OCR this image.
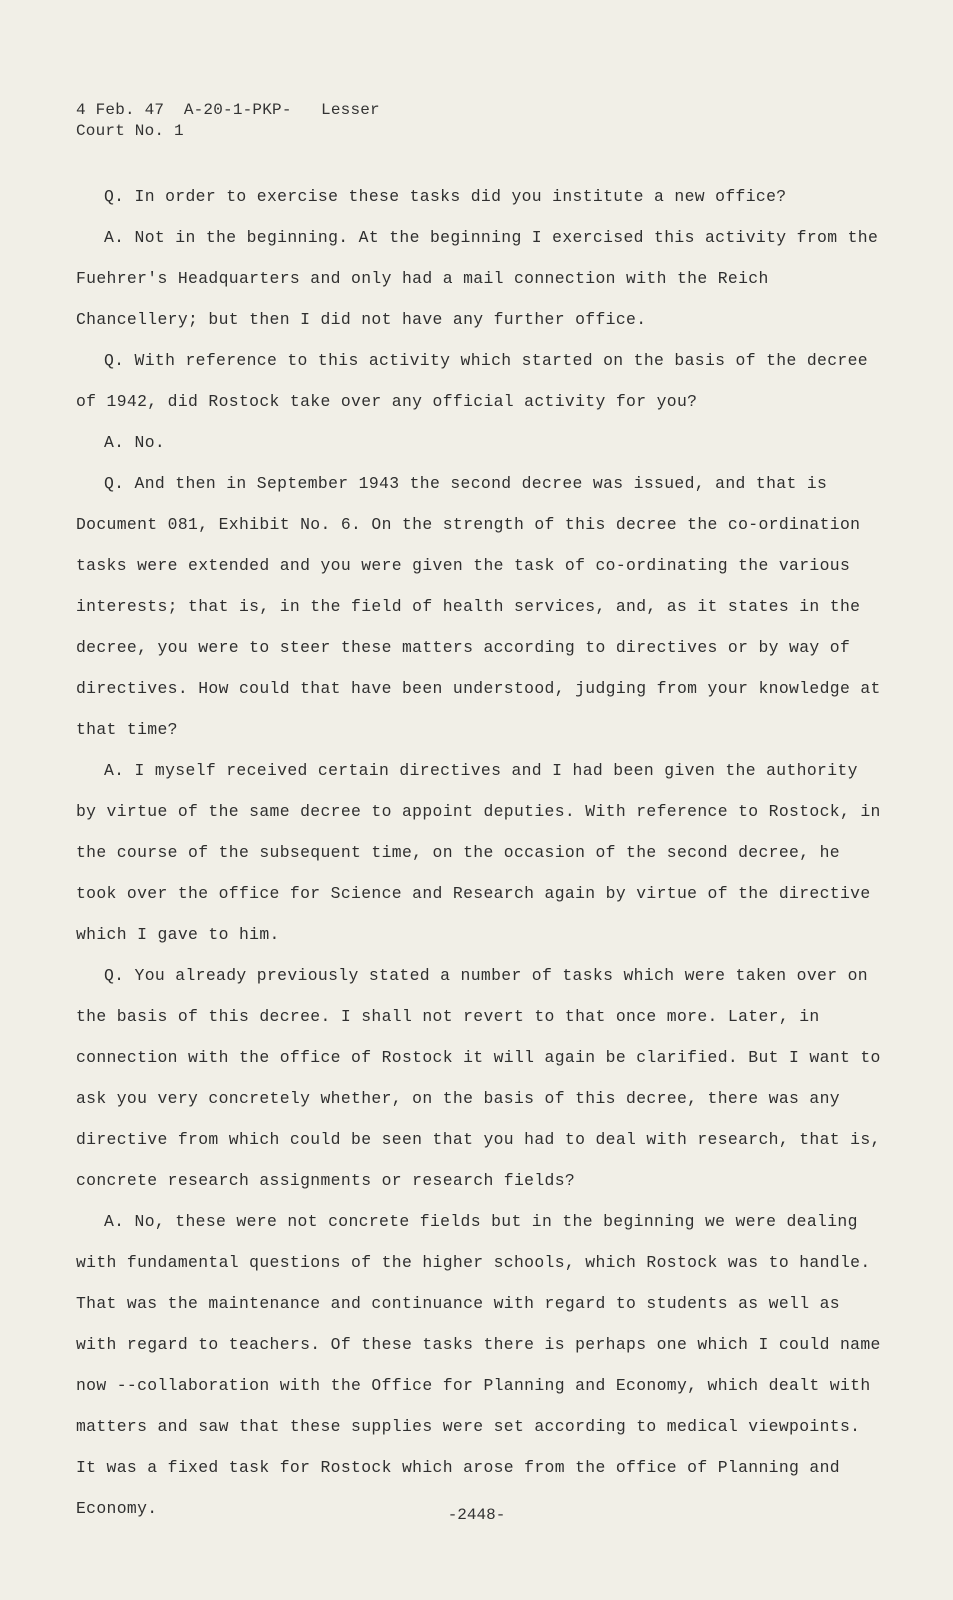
4 Feb. 47  A-20-1-PKP-   Lesser
Court No. 1

Q. In order to exercise these tasks did you institute a new office?

A. Not in the beginning. At the beginning I exercised this activity from the Fuehrer's Headquarters and only had a mail connection with the Reich Chancellery; but then I did not have any further office.

Q. With reference to this activity which started on the basis of the decree of 1942, did Rostock take over any official activity for you?

A. No.

Q. And then in September 1943 the second decree was issued, and that is Document 081, Exhibit No. 6. On the strength of this decree the co-ordination tasks were extended and you were given the task of co-ordinating the various interests; that is, in the field of health services, and, as it states in the decree, you were to steer these matters according to directives or by way of directives. How could that have been understood, judging from your knowledge at that time?

A. I myself received certain directives and I had been given the authority by virtue of the same decree to appoint deputies. With reference to Rostock, in the course of the subsequent time, on the occasion of the second decree, he took over the office for Science and Research again by virtue of the directive which I gave to him.

Q. You already previously stated a number of tasks which were taken over on the basis of this decree. I shall not revert to that once more. Later, in connection with the office of Rostock it will again be clarified. But I want to ask you very concretely whether, on the basis of this decree, there was any directive from which could be seen that you had to deal with research, that is, concrete research assignments or research fields?

A. No, these were not concrete fields but in the beginning we were dealing with fundamental questions of the higher schools, which Rostock was to handle. That was the maintenance and continuance with regard to students as well as with regard to teachers. Of these tasks there is perhaps one which I could name now --collaboration with the Office for Planning and Economy, which dealt with matters and saw that these supplies were set according to medical viewpoints. It was a fixed task for Rostock which arose from the office of Planning and Economy.	-2448-
